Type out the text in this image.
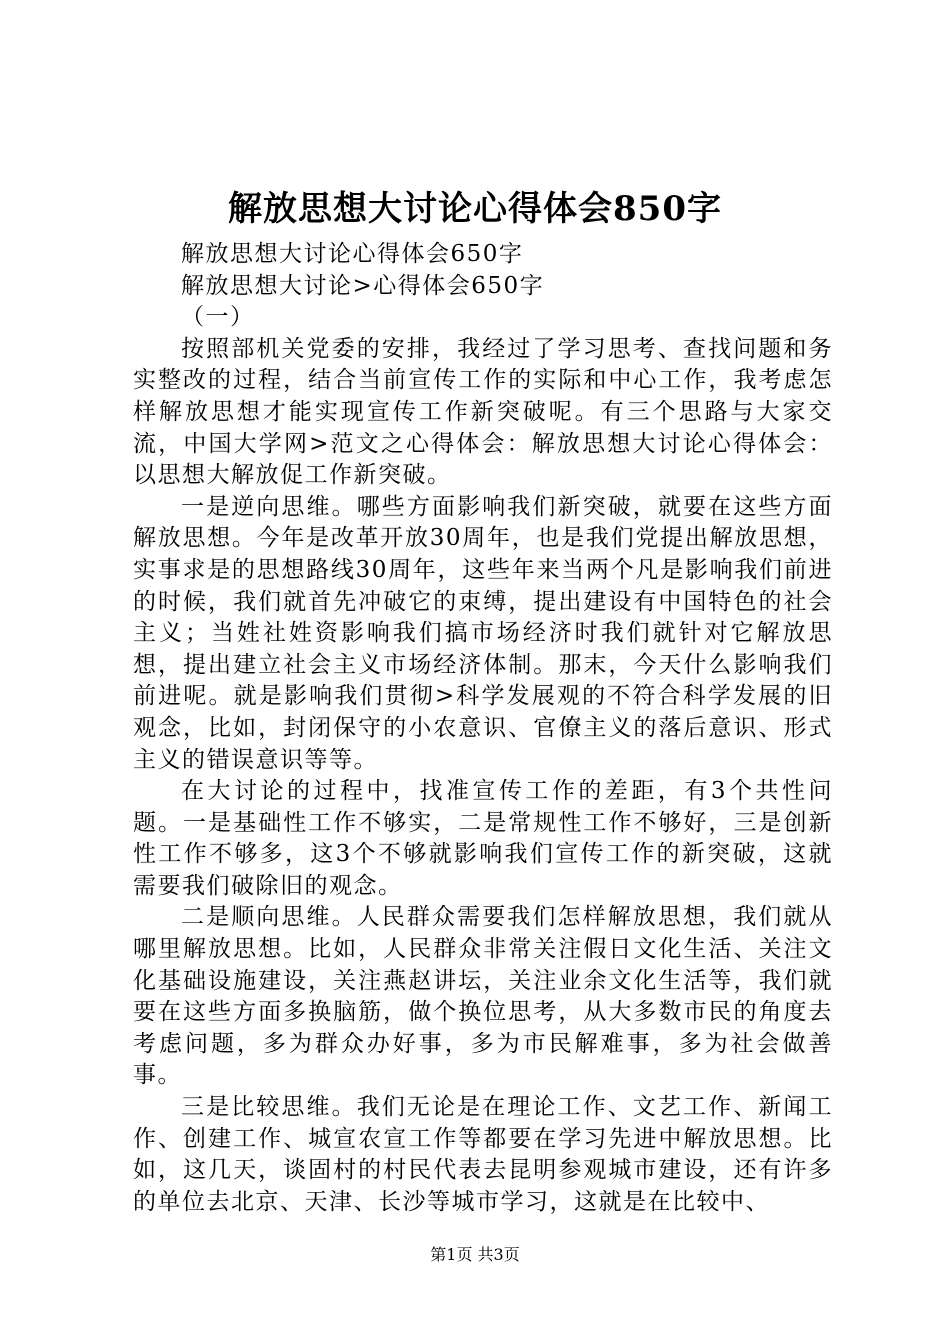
解放思想大讨论心得体会850字

解放思想大讨论心得体会650字

解放思想大讨论>心得体会650字

（一）

按照部机关党委的安排，我经过了学习思考、查找问题和务实整改的过程，结合当前宣传工作的实际和中心工作，我考虑怎样解放思想才能实现宣传工作新突破呢。有三个思路与大家交流，中国大学网>范文之心得体会：解放思想大讨论心得体会：以思想大解放促工作新突破。

一是逆向思维。哪些方面影响我们新突破，就要在这些方面解放思想。今年是改革开放30周年，也是我们党提出解放思想，实事求是的思想路线30周年，这些年来当两个凡是影响我们前进的时候，我们就首先冲破它的束缚，提出建设有中国特色的社会主义；当姓社姓资影响我们搞市场经济时我们就针对它解放思想，提出建立社会主义市场经济体制。那末，今天什么影响我们前进呢。就是影响我们贯彻>科学发展观的不符合科学发展的旧观念，比如，封闭保守的小农意识、官僚主义的落后意识、形式主义的错误意识等等。

在大讨论的过程中，找准宣传工作的差距，有3个共性问题。一是基础性工作不够实，二是常规性工作不够好，三是创新性工作不够多，这3个不够就影响我们宣传工作的新突破，这就需要我们破除旧的观念。

二是顺向思维。人民群众需要我们怎样解放思想，我们就从哪里解放思想。比如，人民群众非常关注假日文化生活、关注文化基础设施建设，关注燕赵讲坛，关注业余文化生活等，我们就要在这些方面多换脑筋，做个换位思考，从大多数市民的角度去考虑问题，多为群众办好事，多为市民解难事，多为社会做善事。

三是比较思维。我们无论是在理论工作、文艺工作、新闻工作、创建工作、城宣农宣工作等都要在学习先进中解放思想。比如，这几天，谈固村的村民代表去昆明参观城市建设，还有许多的单位去北京、天津、长沙等城市学习，这就是在比较中、

第1页 共3页
